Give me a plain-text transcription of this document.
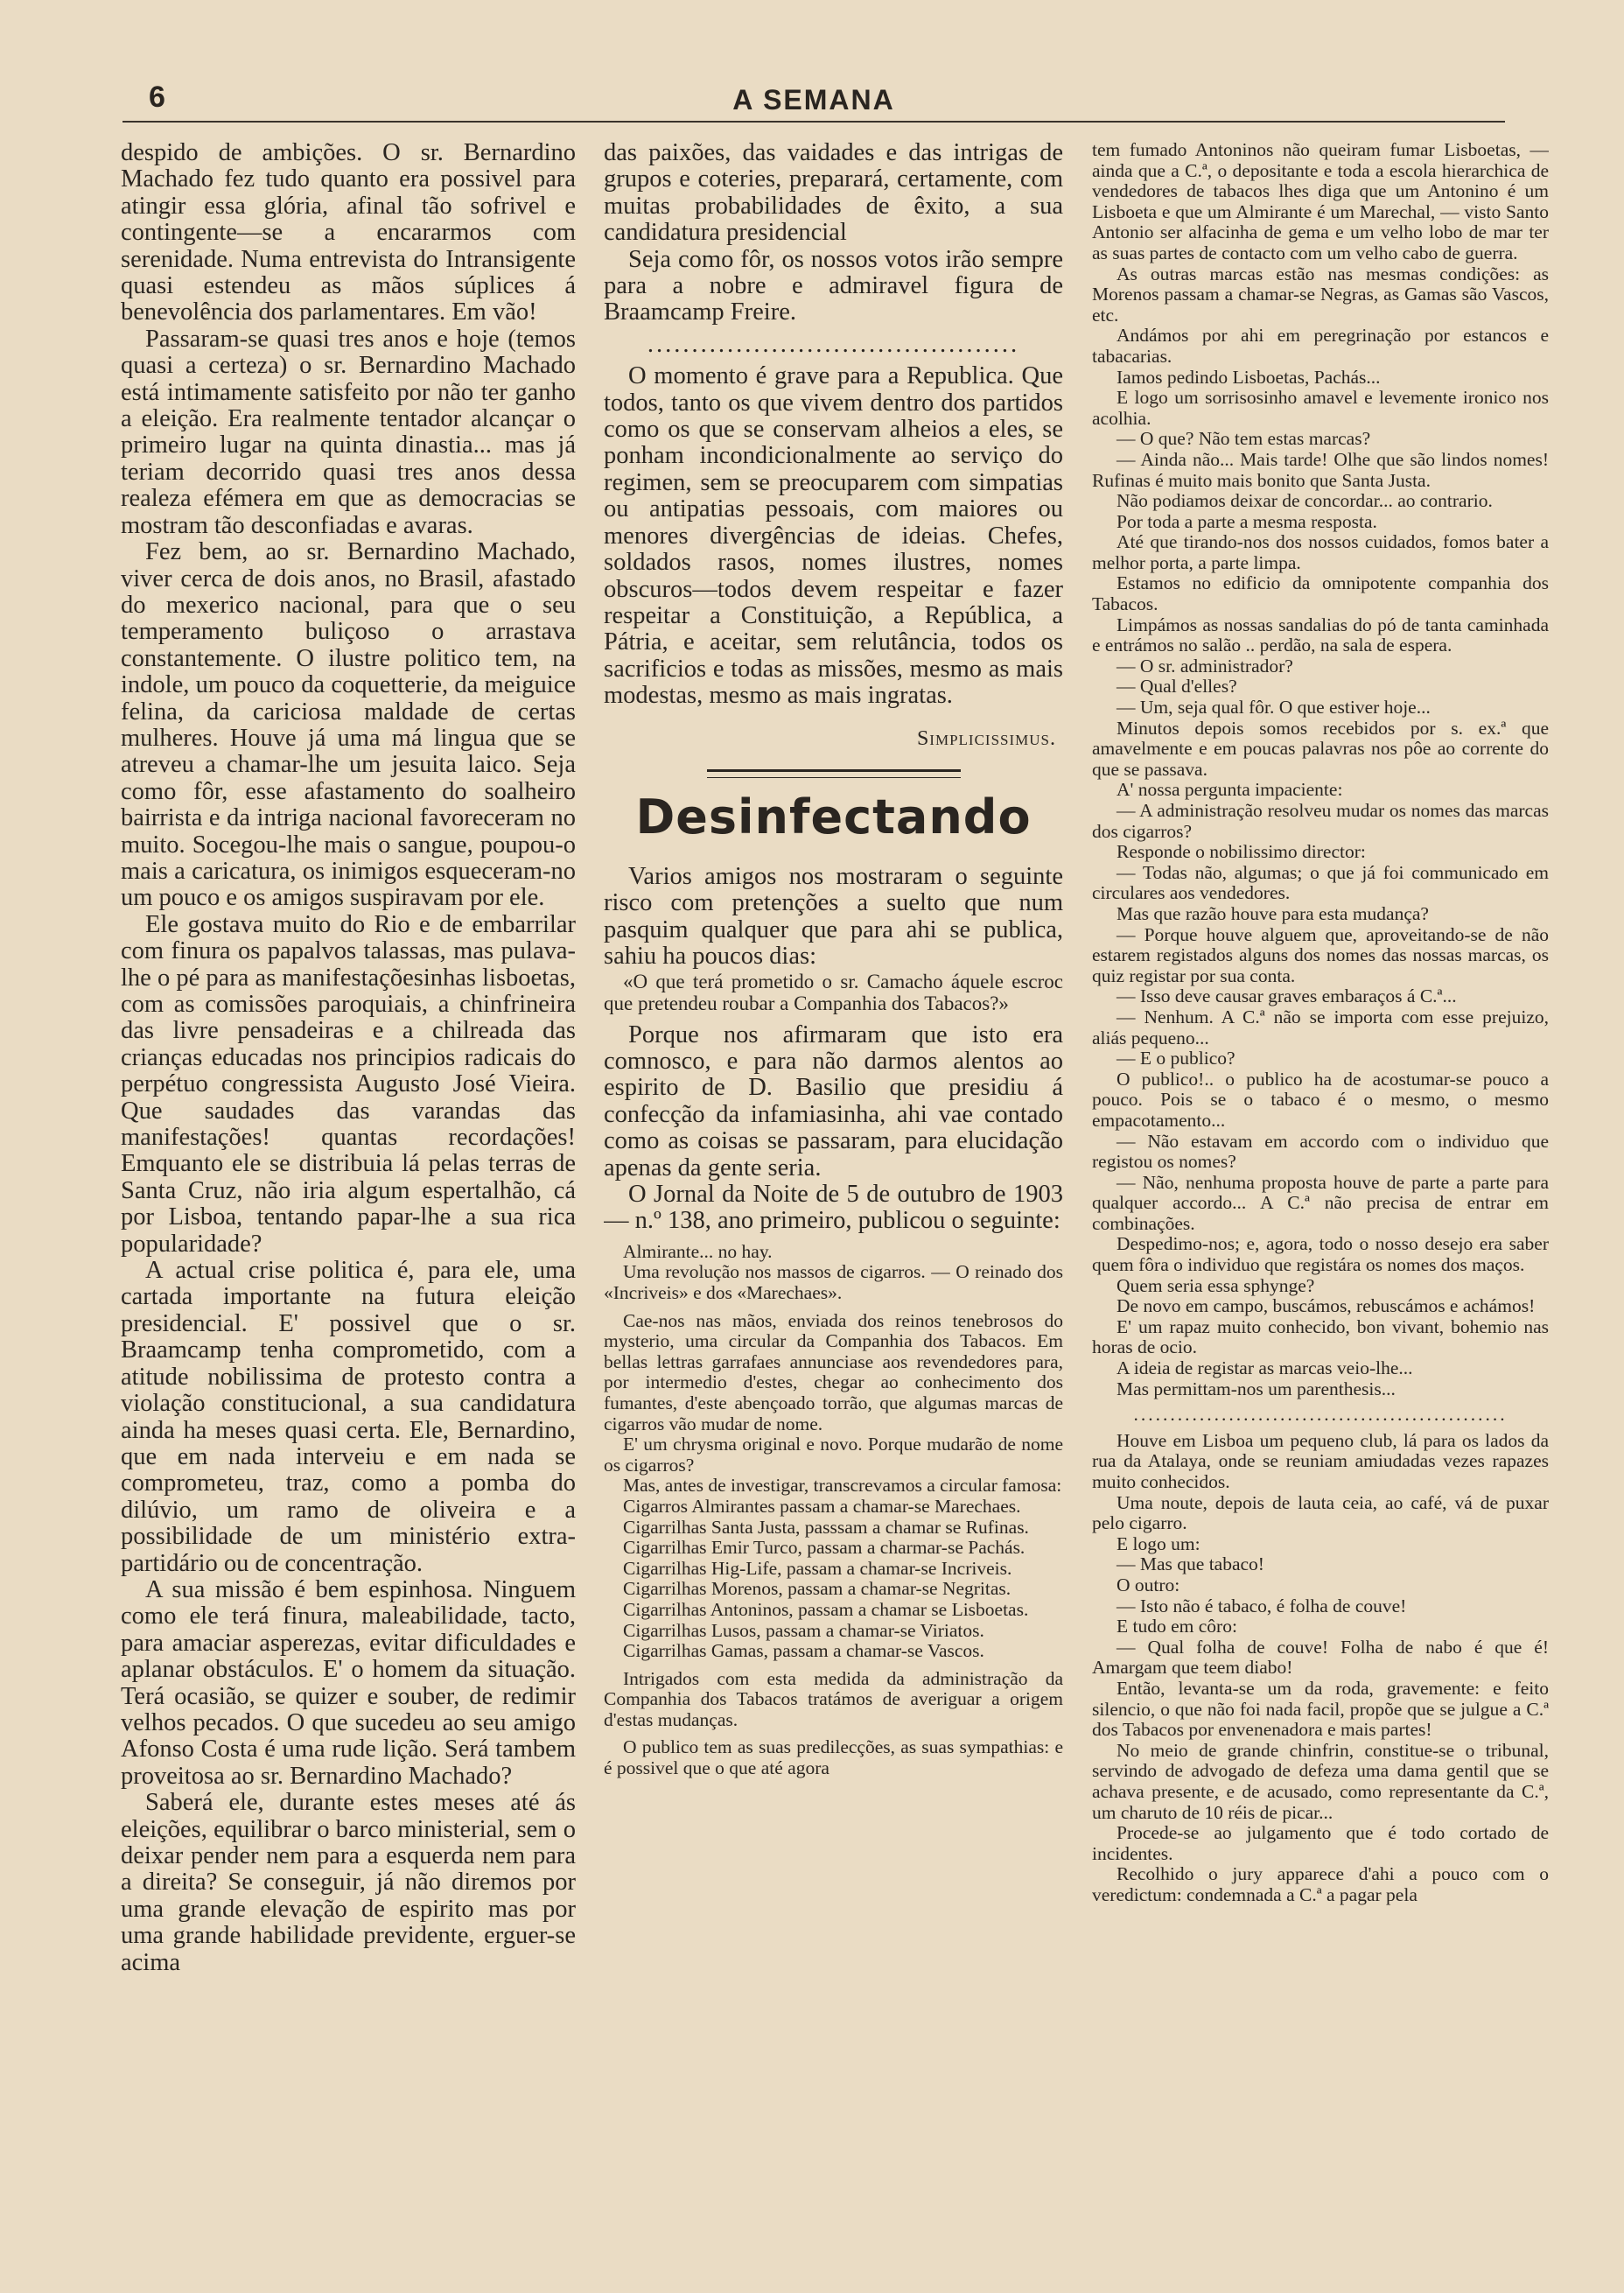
6	A SEMANA

despido de ambições. O sr. Bernardino Machado fez tudo quanto era possivel para atingir essa glória, afinal tão sofrivel e contingente—se a encararmos com serenidade. Numa entrevista do Intransigente quasi estendeu as mãos súplices á benevolência dos parlamentares. Em vão!

Passaram-se quasi tres anos e hoje (temos quasi a certeza) o sr. Bernardino Machado está intimamente satisfeito por não ter ganho a eleição. Era realmente tentador alcançar o primeiro lugar na quinta dinastia... mas já teriam decorrido quasi tres anos dessa realeza efémera em que as democracias se mostram tão desconfiadas e avaras.

Fez bem, ao sr. Bernardino Machado, viver cerca de dois anos, no Brasil, afastado do mexerico nacional, para que o seu temperamento buliçoso o arrastava constantemente. O ilustre politico tem, na indole, um pouco da coquetterie, da meiguice felina, da cariciosa maldade de certas mulheres. Houve já uma má lingua que se atreveu a chamar-lhe um jesuita laico. Seja como fôr, esse afastamento do soalheiro bairrista e da intriga nacional favoreceram no muito. Socegou-lhe mais o sangue, poupou-o mais a caricatura, os inimigos esqueceram-no um pouco e os amigos suspiravam por ele.

Ele gostava muito do Rio e de embarrilar com finura os papalvos talassas, mas pulava-lhe o pé para as manifestaçõesinhas lisboetas, com as comissões paroquiais, a chinfrineira das livre pensadeiras e a chilreada das crianças educadas nos principios radicais do perpétuo congressista Augusto José Vieira. Que saudades das varandas das manifestações! quantas recordações! Emquanto ele se distribuia lá pelas terras de Santa Cruz, não iria algum espertalhão, cá por Lisboa, tentando papar-lhe a sua rica popularidade?

A actual crise politica é, para ele, uma cartada importante na futura eleição presidencial. E' possivel que o sr. Braamcamp tenha comprometido, com a atitude nobilissima de protesto contra a violação constitucional, a sua candidatura ainda ha meses quasi certa. Ele, Bernardino, que em nada interveiu e em nada se comprometeu, traz, como a pomba do dilúvio, um ramo de oliveira e a possibilidade de um ministério extra-partidário ou de concentração.

A sua missão é bem espinhosa. Ninguem como ele terá finura, maleabilidade, tacto, para amaciar asperezas, evitar dificuldades e aplanar obstáculos. E' o homem da situação. Terá ocasião, se quizer e souber, de redimir velhos pecados. O que sucedeu ao seu amigo Afonso Costa é uma rude lição. Será tambem proveitosa ao sr. Bernardino Machado?

Saberá ele, durante estes meses até ás eleições, equilibrar o barco ministerial, sem o deixar pender nem para a esquerda nem para a direita? Se conseguir, já não diremos por uma grande elevação de espirito mas por uma grande habilidade previdente, erguer-se acima

das paixões, das vaidades e das intrigas de grupos e coteries, preparará, certamente, com muitas probabilidades de êxito, a sua candidatura presidencial

Seja como fôr, os nossos votos irão sempre para a nobre e admiravel figura de Braamcamp Freire.

..........................................

O momento é grave para a Republica. Que todos, tanto os que vivem dentro dos partidos como os que se conservam alheios a eles, se ponham incondicionalmente ao serviço do regimen, sem se preocuparem com simpatias ou antipatias pessoais, com maiores ou menores divergências de ideias. Chefes, soldados rasos, nomes ilustres, nomes obscuros—todos devem respeitar e fazer respeitar a Constituição, a República, a Pátria, e aceitar, sem relutância, todos os sacrificios e todas as missões, mesmo as mais modestas, mesmo as mais ingratas.

Simplicissimus.
Desinfectando

Varios amigos nos mostraram o seguinte risco com pretenções a suelto que num pasquim qualquer que para ahi se publica, sahiu ha poucos dias:

«O que terá prometido o sr. Camacho áquele escroc que pretendeu roubar a Companhia dos Tabacos?»

Porque nos afirmaram que isto era comnosco, e para não darmos alentos ao espirito de D. Basilio que presidiu á confecção da infamiasinha, ahi vae contado como as coisas se passaram, para elucidação apenas da gente seria.

O Jornal da Noite de 5 de outubro de 1903 — n.º 138, ano primeiro, publicou o seguinte:

Almirante... no hay.

Uma revolução nos massos de cigarros. — O reinado dos «Incriveis» e dos «Marechaes».

Cae-nos nas mãos, enviada dos reinos tenebrosos do mysterio, uma circular da Companhia dos Tabacos. Em bellas lettras garrafaes annunciase aos revendedores para, por intermedio d'estes, chegar ao conhecimento dos fumantes, d'este abençoado torrão, que algumas marcas de cigarros vão mudar de nome.

E' um chrysma original e novo. Porque mudarão de nome os cigarros?

Mas, antes de investigar, transcrevamos a circular famosa:

Cigarros Almirantes passam a chamar-se Marechaes.

Cigarrilhas Santa Justa, passsam a chamar se Rufinas.

Cigarrilhas Emir Turco, passam a charmar-se Pachás.

Cigarrilhas Hig-Life, passam a chamar-se Incriveis.

Cigarrilhas Morenos, passam a chamar-se Negritas.

Cigarrilhas Antoninos, passam a chamar se Lisboetas.

Cigarrilhas Lusos, passam a chamar-se Viriatos.

Cigarrilhas Gamas, passam a chamar-se Vascos.

Intrigados com esta medida da administração da Companhia dos Tabacos tratámos de averiguar a origem d'estas mudanças.

O publico tem as suas predilecções, as suas sympathias: e é possivel que o que até agora

tem fumado Antoninos não queiram fumar Lisboetas, — ainda que a C.ª, o depositante e toda a escola hierarchica de vendedores de tabacos lhes diga que um Antonino é um Lisboeta e que um Almirante é um Marechal, — visto Santo Antonio ser alfacinha de gema e um velho lobo de mar ter as suas partes de contacto com um velho cabo de guerra.

As outras marcas estão nas mesmas condições: as Morenos passam a chamar-se Negras, as Gamas são Vascos, etc.

Andámos por ahi em peregrinação por estancos e tabacarias.

Iamos pedindo Lisboetas, Pachás...

E logo um sorrisosinho amavel e levemente ironico nos acolhia.

— O que? Não tem estas marcas?

— Ainda não... Mais tarde! Olhe que são lindos nomes! Rufinas é muito mais bonito que Santa Justa.

Não podiamos deixar de concordar... ao contrario.

Por toda a parte a mesma resposta.

Até que tirando-nos dos nossos cuidados, fomos bater a melhor porta, a parte limpa.

Estamos no edificio da omnipotente companhia dos Tabacos.

Limpámos as nossas sandalias do pó de tanta caminhada e entrámos no salão .. perdão, na sala de espera.

— O sr. administrador?

— Qual d'elles?

— Um, seja qual fôr. O que estiver hoje...

Minutos depois somos recebidos por s. ex.ª que amavelmente e em poucas palavras nos pôe ao corrente do que se passava.

A' nossa pergunta impaciente:

— A administração resolveu mudar os nomes das marcas dos cigarros?

Responde o nobilissimo director:

— Todas não, algumas; o que já foi communicado em circulares aos vendedores.

Mas que razão houve para esta mudança?

— Porque houve alguem que, aproveitando-se de não estarem registados alguns dos nomes das nossas marcas, os quiz registar por sua conta.

— Isso deve causar graves embaraços á C.ª...

— Nenhum. A C.ª não se importa com esse prejuizo, aliás pequeno...

— E o publico?

O publico!.. o publico ha de acostumar-se pouco a pouco. Pois se o tabaco é o mesmo, o mesmo empacotamento...

— Não estavam em accordo com o individuo que registou os nomes?

— Não, nenhuma proposta houve de parte a parte para qualquer accordo... A C.ª não precisa de entrar em combinações.

Despedimo-nos; e, agora, todo o nosso desejo era saber quem fôra o individuo que registára os nomes dos maços.

Quem seria essa sphynge?

De novo em campo, buscámos, rebuscámos e achámos!

E' um rapaz muito conhecido, bon vivant, bohemio nas horas de ocio.

A ideia de registar as marcas veio-lhe...

Mas permittam-nos um parenthesis...

...................................................

Houve em Lisboa um pequeno club, lá para os lados da rua da Atalaya, onde se reuniam amiudadas vezes rapazes muito conhecidos.

Uma noute, depois de lauta ceia, ao café, vá de puxar pelo cigarro.

E logo um:

— Mas que tabaco!

O outro:

— Isto não é tabaco, é folha de couve!

E tudo em côro:

— Qual folha de couve! Folha de nabo é que é! Amargam que teem diabo!

Então, levanta-se um da roda, gravemente: e feito silencio, o que não foi nada facil, propõe que se julgue a C.ª dos Tabacos por envenenadora e mais partes!

No meio de grande chinfrin, constitue-se o tribunal, servindo de advogado de defeza uma dama gentil que se achava presente, e de acusado, como representante da C.ª, um charuto de 10 réis de picar...

Procede-se ao julgamento que é todo cortado de incidentes.

Recolhido o jury apparece d'ahi a pouco com o veredictum: condemnada a C.ª a pagar pela
